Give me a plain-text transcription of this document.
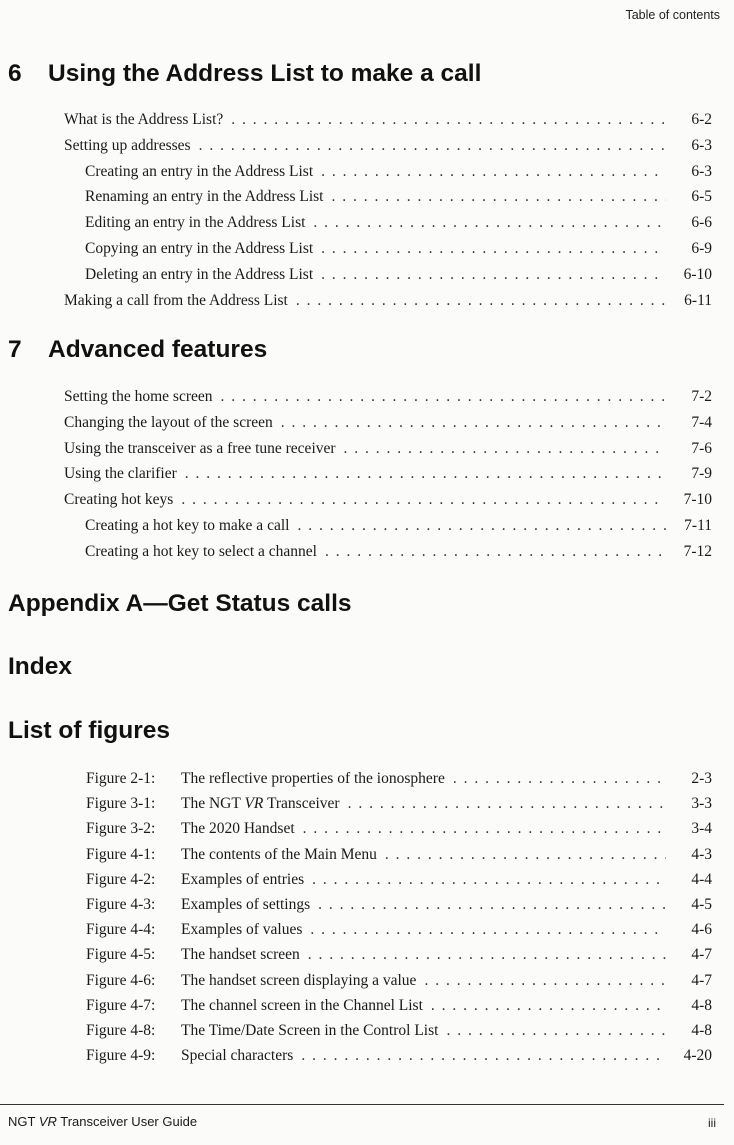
Table of contents
6 Using the Address List to make a call
What is the Address List? . . .	6-2
Setting up addresses . . .	6-3
Creating an entry in the Address List . . .	6-3
Renaming an entry in the Address List . . .	6-5
Editing an entry in the Address List . . .	6-6
Copying an entry in the Address List . . .	6-9
Deleting an entry in the Address List . . .	6-10
Making a call from the Address List . . .	6-11
7 Advanced features
Setting the home screen . . .	7-2
Changing the layout of the screen . . .	7-4
Using the transceiver as a free tune receiver . . .	7-6
Using the clarifier . . .	7-9
Creating hot keys . . .	7-10
Creating a hot key to make a call . . .	7-11
Creating a hot key to select a channel . . .	7-12
Appendix A—Get Status calls
Index
List of figures
Figure 2-1: The reflective properties of the ionosphere . . .	2-3
Figure 3-1: The NGT VR Transceiver . . .	3-3
Figure 3-2: The 2020 Handset . . .	3-4
Figure 4-1: The contents of the Main Menu . . .	4-3
Figure 4-2: Examples of entries . . .	4-4
Figure 4-3: Examples of settings . . .	4-5
Figure 4-4: Examples of values . . .	4-6
Figure 4-5: The handset screen . . .	4-7
Figure 4-6: The handset screen displaying a value . . .	4-7
Figure 4-7: The channel screen in the Channel List . . .	4-8
Figure 4-8: The Time/Date Screen in the Control List . . .	4-8
Figure 4-9: Special characters . . .	4-20
NGT VR Transceiver User Guide	iii
